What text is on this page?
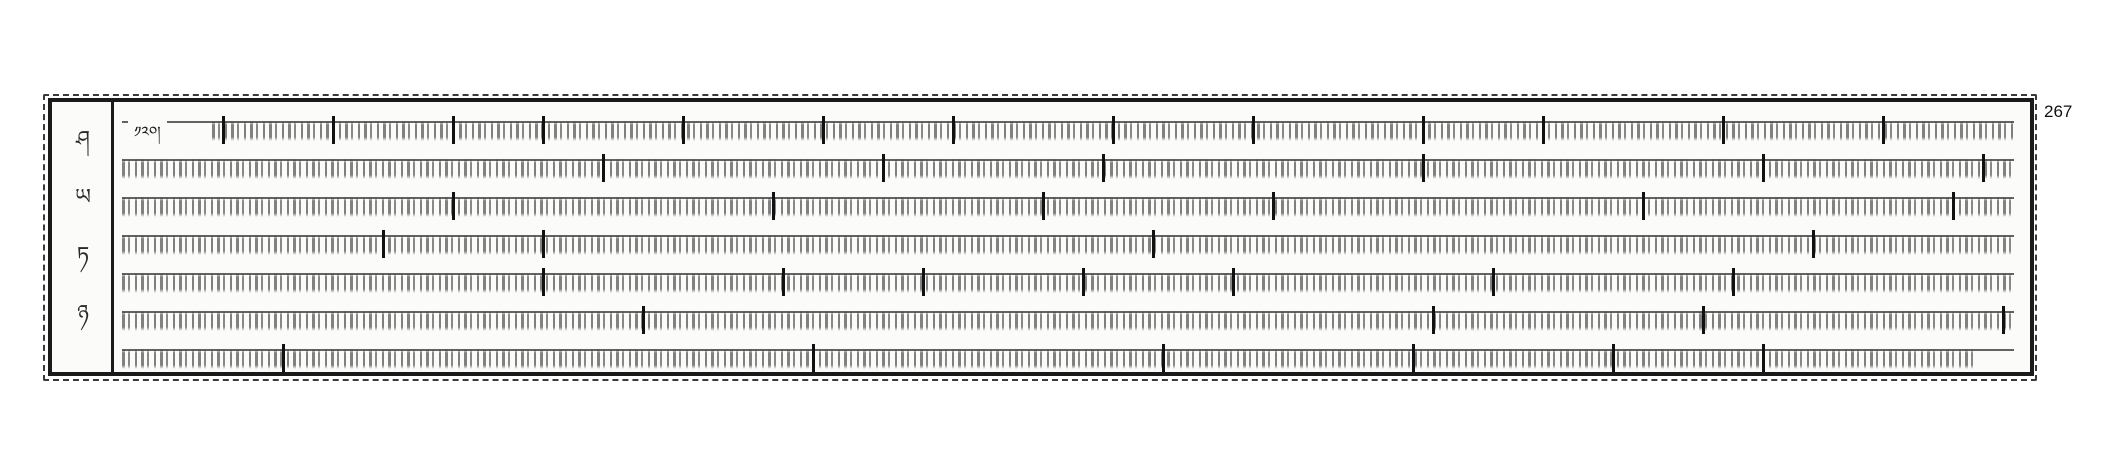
267
ཤ
ཡ
ཏ
ཉ
༡༢༠།
